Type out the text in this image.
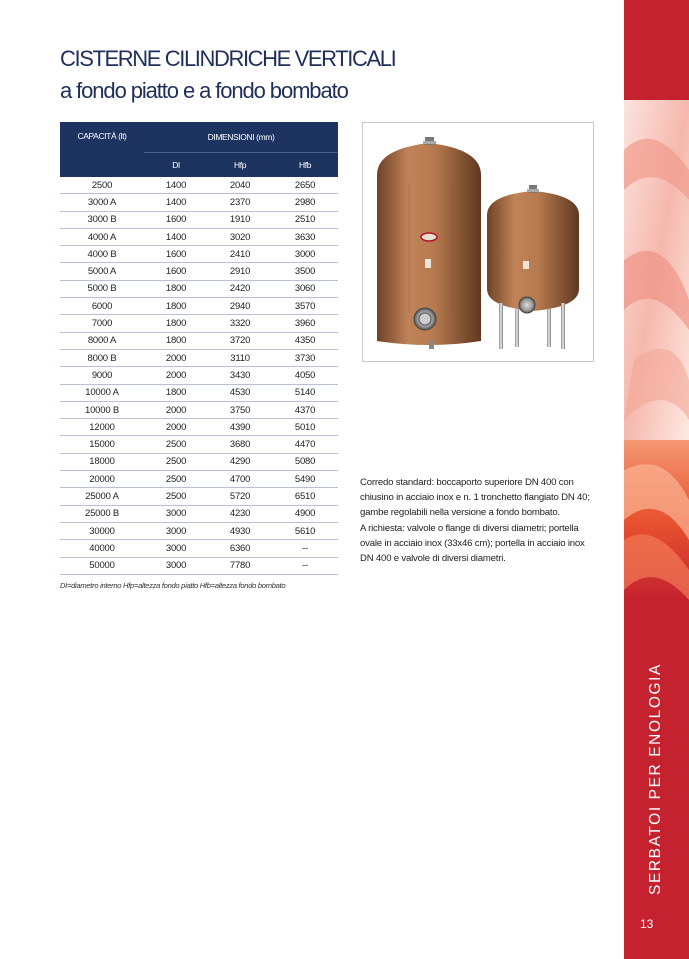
CISTERNE CILINDRICHE VERTICALI
a fondo piatto e a fondo bombato
CAPACITÀ (lt)	DIMENSIONI (mm)		
	DI	Hfp	Hfb
2500	1400	2040	2650
3000 A	1400	2370	2980
3000 B	1600	1910	2510
4000 A	1400	3020	3630
4000 B	1600	2410	3000
5000 A	1600	2910	3500
5000 B	1800	2420	3060
6000	1800	2940	3570
7000	1800	3320	3960
8000 A	1800	3720	4350
8000 B	2000	3110	3730
9000	2000	3430	4050
10000 A	1800	4530	5140
10000 B	2000	3750	4370
12000	2000	4390	5010
15000	2500	3680	4470
18000	2500	4290	5080
20000	2500	4700	5490
25000 A	2500	5720	6510
25000 B	3000	4230	4900
30000	3000	4930	5610
40000	3000	6360	--
50000	3000	7780	--
DI=diametro interno Hfp=altezza fondo piatto Hfb=altezza fondo bombato

Corredo standard: boccaporto superiore DN 400 con chiusino in acciaio inox e n. 1 tronchetto flangiato DN 40; gambe regolabili nella versione a fondo bombato.

A richiesta: valvole o flange di diversi diametri; portella ovale in acciaio inox (33x46 cm); portella in acciaio inox DN 400 e valvole di diversi diametri.

SERBATOI PER ENOLOGIA
13
